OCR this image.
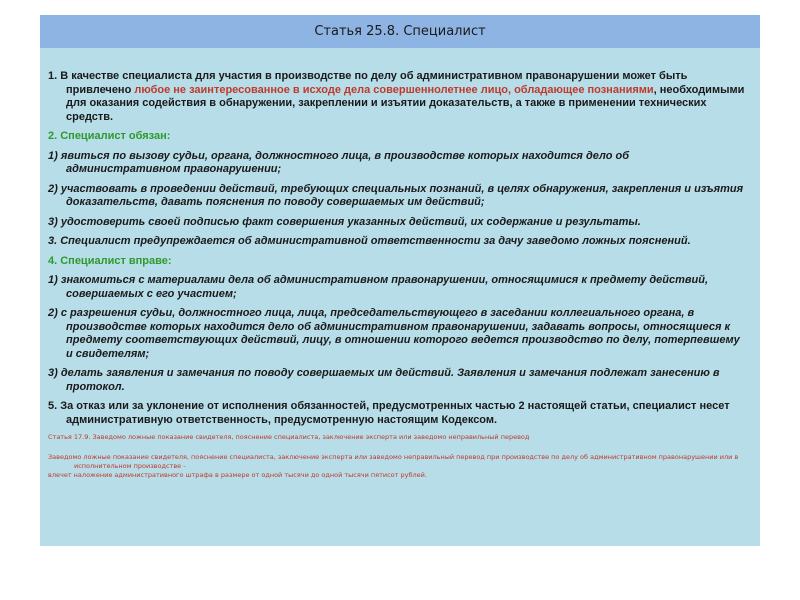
Статья 25.8. Специалист

1. В качестве специалиста для участия в производстве по делу об административном правонарушении может быть привлечено любое не заинтересованное в исходе дела совершеннолетнее лицо, обладающее познаниями, необходимыми для оказания содействия в обнаружении, закреплении и изъятии доказательств, а также в применении технических средств.

2. Специалист обязан:

1) явиться по вызову судьи, органа, должностного лица, в производстве которых находится дело об административном правонарушении;

2) участвовать в проведении действий, требующих специальных познаний, в целях обнаружения, закрепления и изъятия доказательств, давать пояснения по поводу совершаемых им действий;

3) удостоверить своей подписью факт совершения указанных действий, их содержание и результаты.

3. Специалист предупреждается об административной ответственности за дачу заведомо ложных пояснений.

4. Специалист вправе:

1) знакомиться с материалами дела об административном правонарушении, относящимися к предмету действий, совершаемых с его участием;

2) с разрешения судьи, должностного лица, лица, председательствующего в заседании коллегиального органа, в производстве которых находится дело об административном правонарушении, задавать вопросы, относящиеся к предмету соответствующих действий, лицу, в отношении которого ведется производство по делу, потерпевшему и свидетелям;

3) делать заявления и замечания по поводу совершаемых им действий. Заявления и замечания подлежат занесению в протокол.

5. За отказ или за уклонение от исполнения обязанностей, предусмотренных частью 2 настоящей статьи, специалист несет административную ответственность, предусмотренную настоящим Кодексом.

Статья 17.9. Заведомо ложные показание свидетеля, пояснение специалиста, заключение эксперта или заведомо неправильный перевод

Заведомо ложные показание свидетеля, пояснение специалиста, заключение эксперта или заведомо неправильный перевод при производстве по делу об административном правонарушении или в исполнительном производстве -

влечет наложение административного штрафа в размере от одной тысячи до одной тысячи пятисот рублей.
